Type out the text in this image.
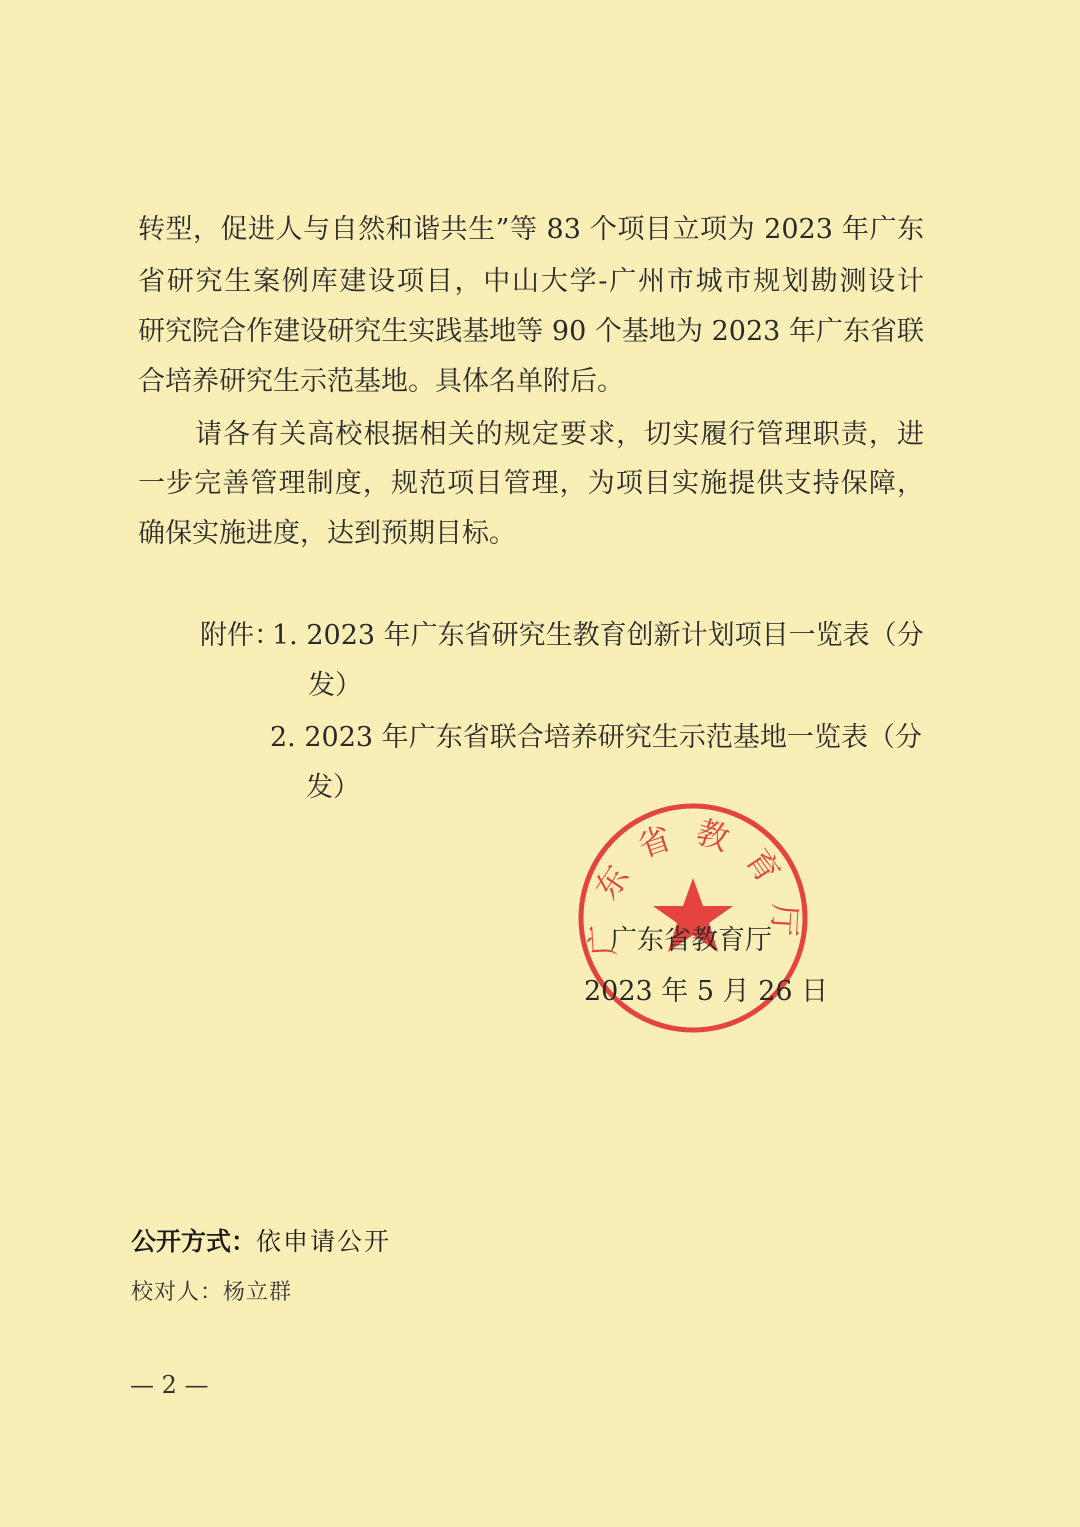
转型，促进人与自然和谐共生”等 83 个项目立项为 2023 年广东
省研究生案例库建设项目，中山大学-广州市城市规划勘测设计
研究院合作建设研究生实践基地等 90 个基地为 2023 年广东省联
合培养研究生示范基地。具体名单附后。
请各有关高校根据相关的规定要求，切实履行管理职责，进
一步完善管理制度，规范项目管理，为项目实施提供支持保障，
确保实施进度，达到预期目标。
附件：
1. 2023 年广东省研究生教育创新计划项目一览表（分
发）
2. 2023 年广东省联合培养研究生示范基地一览表（分
发）
广东省教育厅
广东省教育厅
2023 年 5 月 26 日
公开方式：依申请公开
校对人：杨立群
— 2 —
